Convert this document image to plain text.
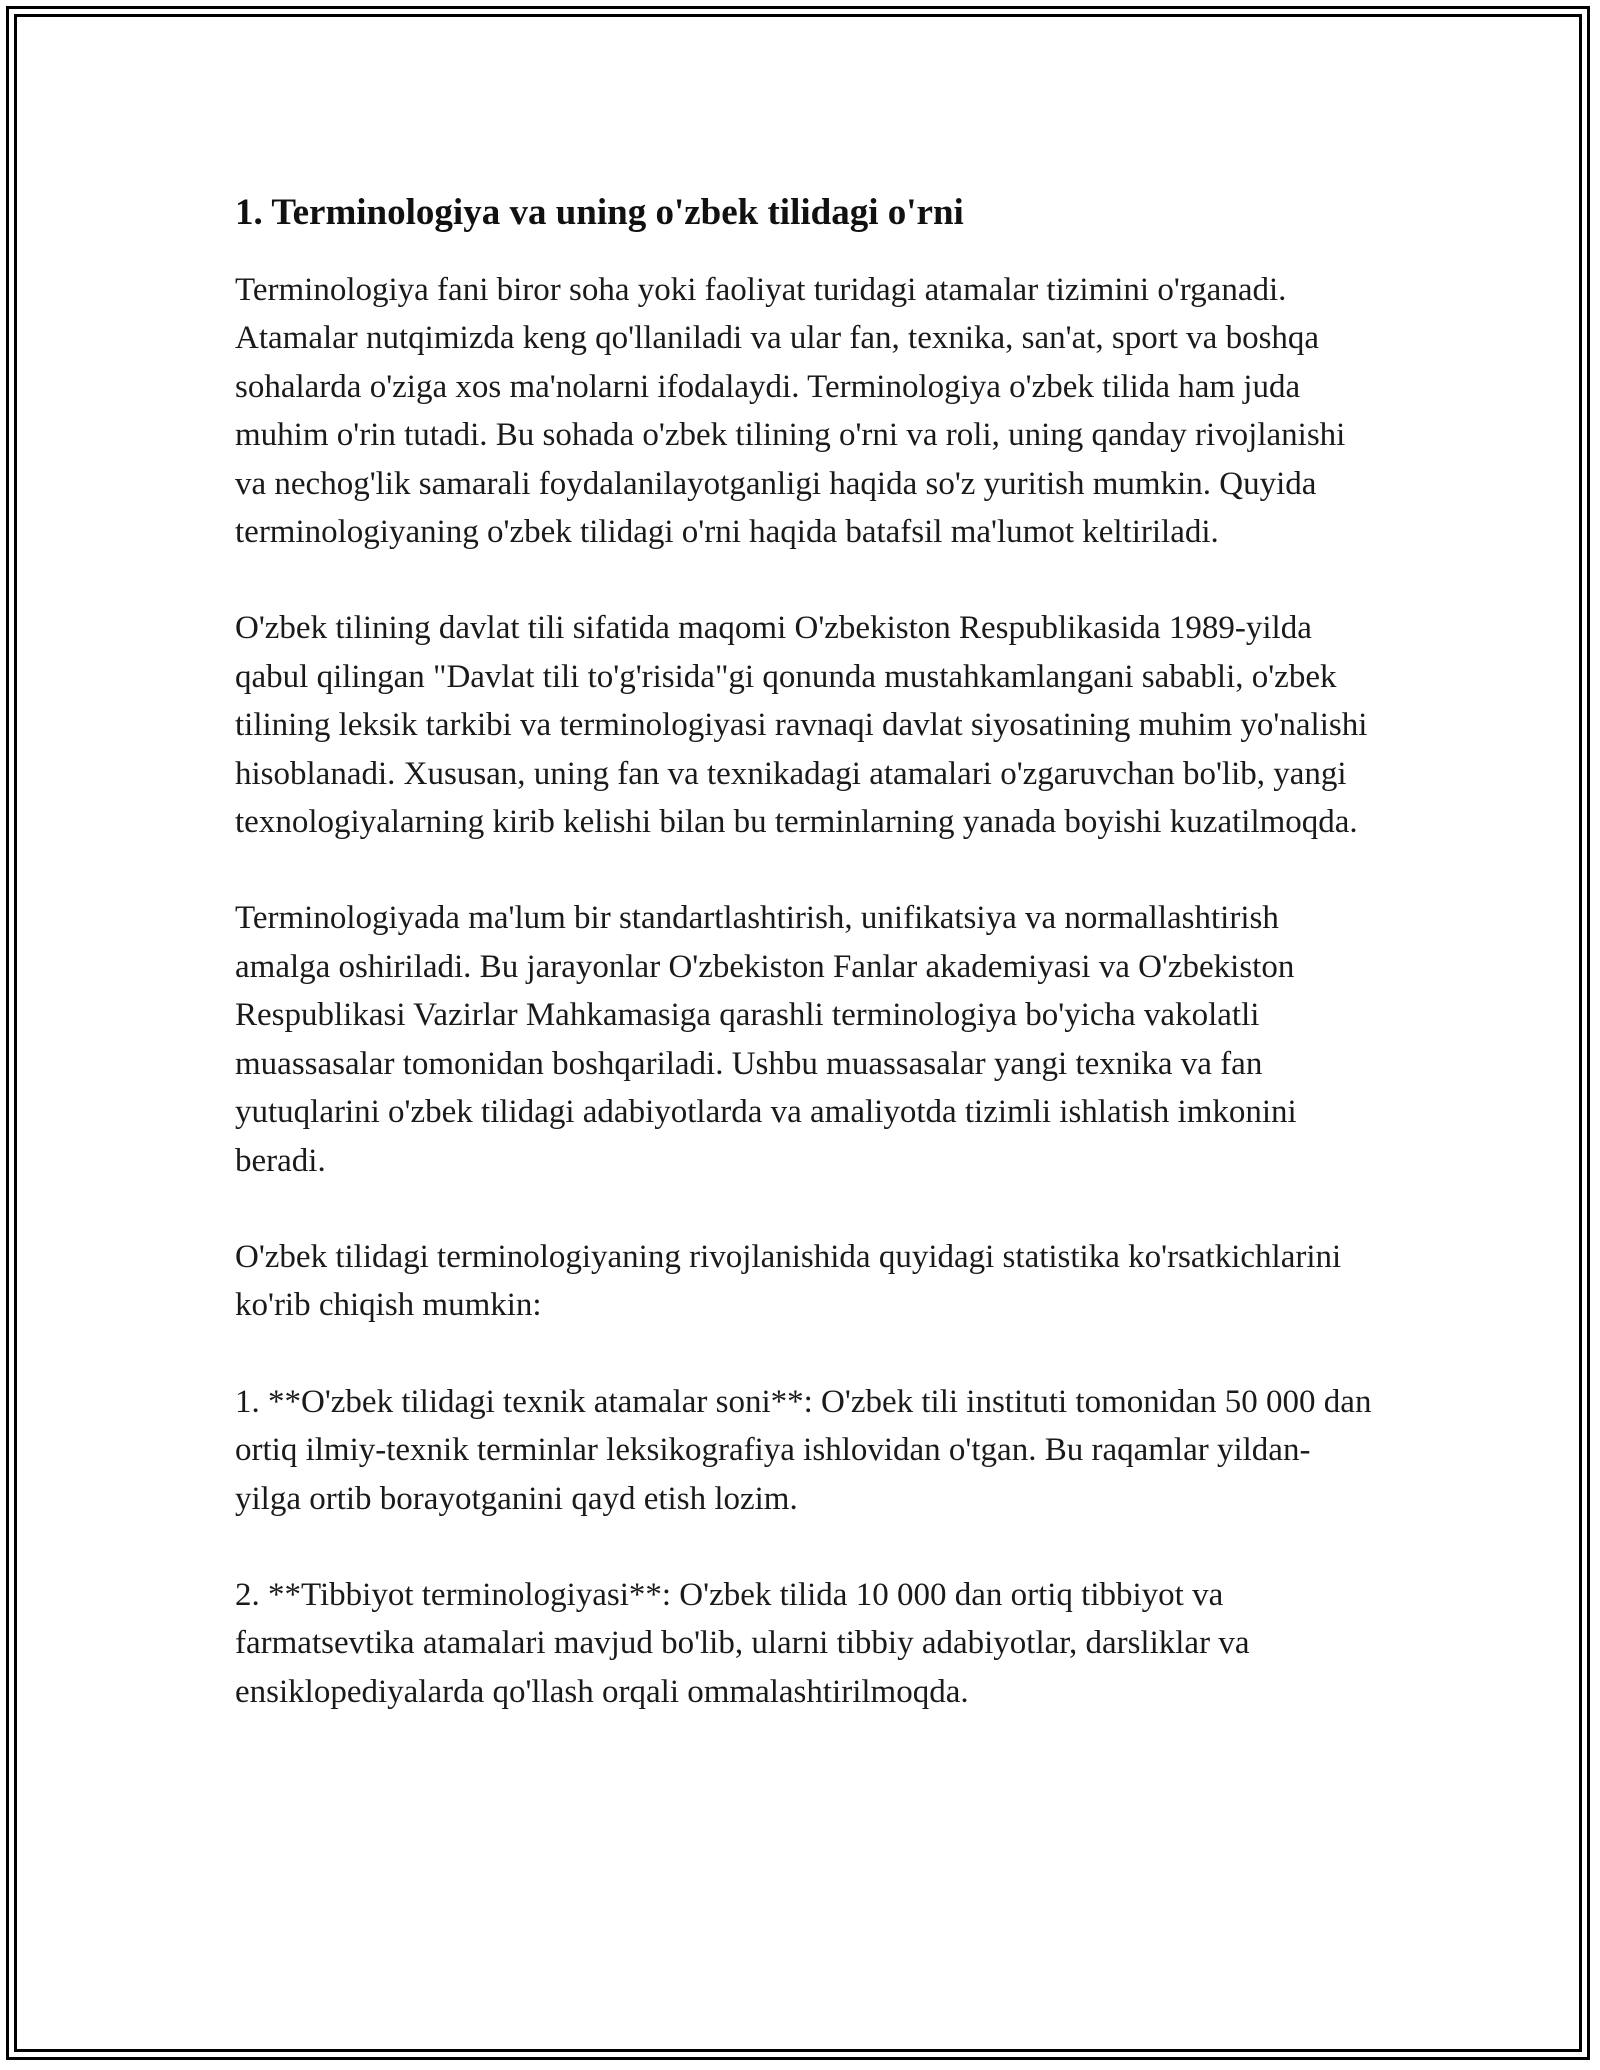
1. Terminologiya va uning o'zbek tilidagi o'rni

Terminologiya fani biror soha yoki faoliyat turidagi atamalar tizimini o'rganadi. Atamalar nutqimizda keng qo'llaniladi va ular fan, texnika, san'at, sport va boshqa sohalarda o'ziga xos ma'nolarni ifodalaydi. Terminologiya o'zbek tilida ham juda muhim o'rin tutadi. Bu sohada o'zbek tilining o'rni va roli, uning qanday rivojlanishi va nechog'lik samarali foydalanilayotganligi haqida so'z yuritish mumkin. Quyida terminologiyaning o'zbek tilidagi o'rni haqida batafsil ma'lumot keltiriladi.

O'zbek tilining davlat tili sifatida maqomi O'zbekiston Respublikasida 1989-yilda qabul qilingan "Davlat tili to'g'risida"gi qonunda mustahkamlangani sababli, o'zbek tilining leksik tarkibi va terminologiyasi ravnaqi davlat siyosatining muhim yo'nalishi hisoblanadi. Xususan, uning fan va texnikadagi atamalari o'zgaruvchan bo'lib, yangi texnologiyalarning kirib kelishi bilan bu terminlarning yanada boyishi kuzatilmoqda.

Terminologiyada ma'lum bir standartlashtirish, unifikatsiya va normallashtirish amalga oshiriladi. Bu jarayonlar O'zbekiston Fanlar akademiyasi va O'zbekiston Respublikasi Vazirlar Mahkamasiga qarashli terminologiya bo'yicha vakolatli muassasalar tomonidan boshqariladi. Ushbu muassasalar yangi texnika va fan yutuqlarini o'zbek tilidagi adabiyotlarda va amaliyotda tizimli ishlatish imkonini beradi.

O'zbek tilidagi terminologiyaning rivojlanishida quyidagi statistika ko'rsatkichlarini ko'rib chiqish mumkin:

1. **O'zbek tilidagi texnik atamalar soni**: O'zbek tili instituti tomonidan 50 000 dan ortiq ilmiy-texnik terminlar leksikografiya ishlovidan o'tgan. Bu raqamlar yildan-yilga ortib borayotganini qayd etish lozim.

2. **Tibbiyot terminologiyasi**: O'zbek tilida 10 000 dan ortiq tibbiyot va farmatsevtika atamalari mavjud bo'lib, ularni tibbiy adabiyotlar, darsliklar va ensiklopediyalarda qo'llash orqali ommalashtirilmoqda.
